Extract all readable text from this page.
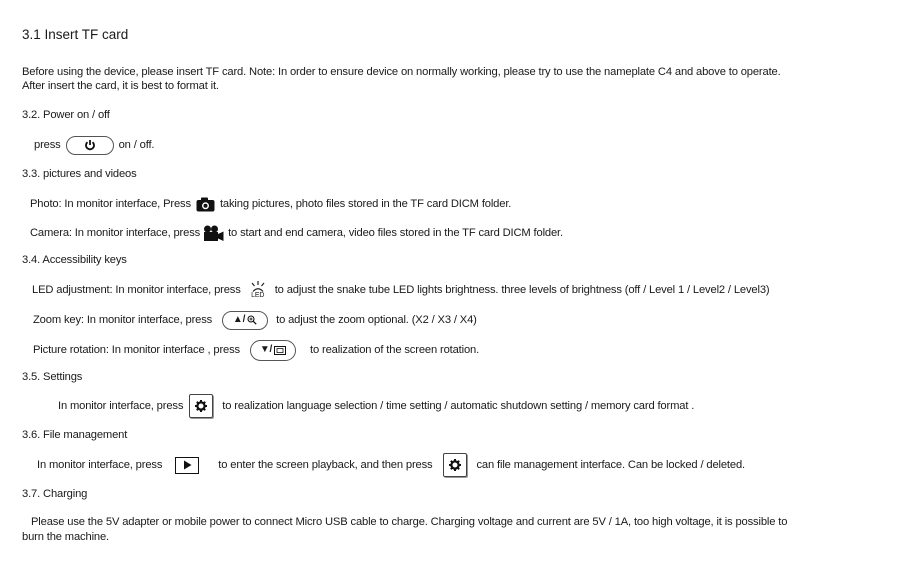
3.1 Insert TF card
Before using the device, please insert TF card. Note: In order to ensure device on normally working, please try to use the nameplate C4 and above to operate.
After insert the card, it is best to format it.
3.2. Power on / off
press	on / off.
3.3. pictures and videos
Photo: In monitor interface, Press	taking pictures, photo files stored in the TF card DICM folder.
Camera: In monitor interface, press	to start and end camera, video files stored in the TF card DICM folder.
3.4. Accessibility keys
LED adjustment: In monitor interface, press LED to adjust the snake tube LED lights brightness. three levels of brightness (off / Level 1 / Level2 / Level3)
Zoom key: In monitor interface, press ▲/	to adjust the zoom optional. (X2 / X3 / X4)
Picture rotation: In monitor interface , press ▼/	to realization of the screen rotation.
3.5. Settings
In monitor interface, press	to realization language selection / time setting / automatic shutdown setting / memory card format .
3.6. File management
In monitor interface, press	to enter the screen playback, and then press	can file management interface. Can be locked / deleted.
3.7. Charging
Please use the 5V adapter or mobile power to connect Micro USB cable to charge. Charging voltage and current are 5V / 1A, too high voltage, it is possible to
burn the machine.
